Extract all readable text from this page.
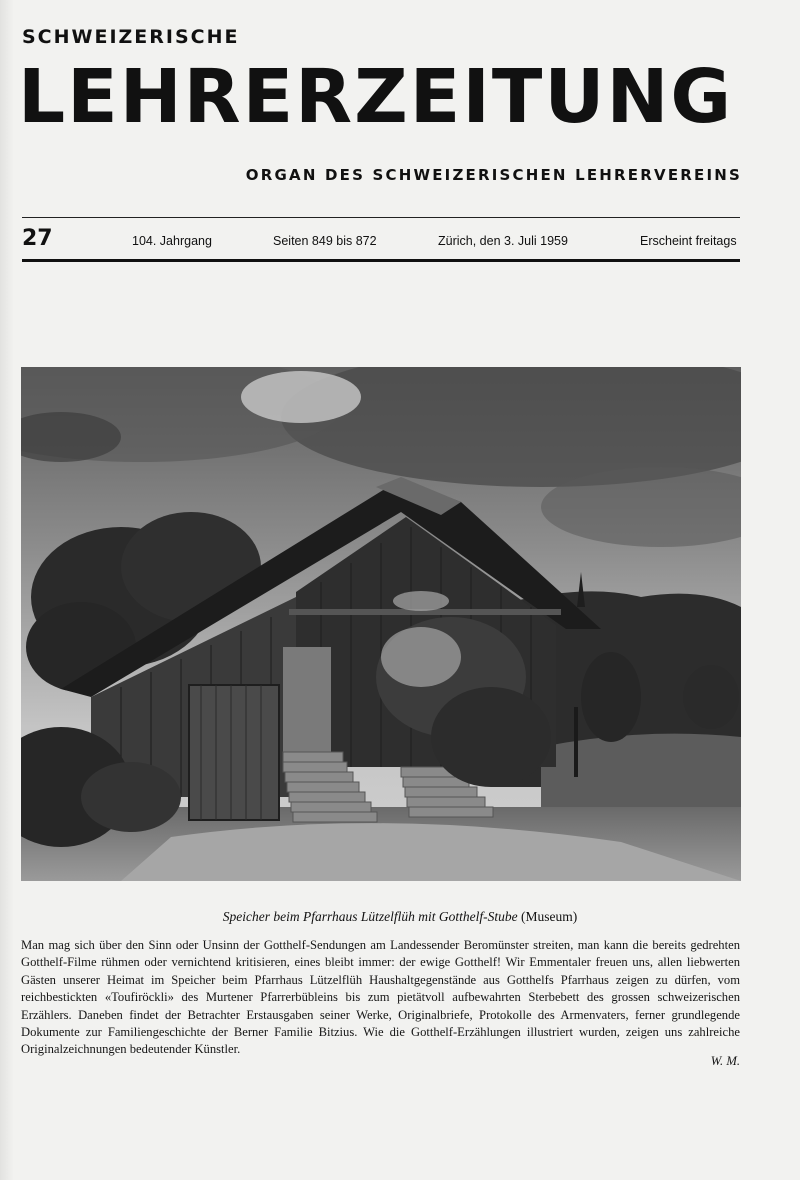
SCHWEIZERISCHE
LEHRERZEITUNG
ORGAN DES SCHWEIZERISCHEN LEHRERVEREINS
27	104. Jahrgang	Seiten 849 bis 872	Zürich, den 3. Juli 1959	Erscheint freitags
Speicher beim Pfarrhaus Lützelflüh mit Gotthelf-Stube (Museum)
Man mag sich über den Sinn oder Unsinn der Gotthelf-Sendungen am Landessender Beromünster streiten, man kann die bereits gedrehten Gotthelf-Filme rühmen oder vernichtend kritisieren, eines bleibt immer: der ewige Gotthelf! Wir Emmentaler freuen uns, allen liebwerten Gästen unserer Heimat im Speicher beim Pfarrhaus Lützelflüh Haushaltgegenstände aus Gotthelfs Pfarrhaus zeigen zu dürfen, vom reichbestickten «Toufiröckli» des Murtener Pfarrerbübleins bis zum pietätvoll aufbewahrten Sterbebett des grossen schweizerischen Erzählers. Daneben findet der Betrachter Erstausgaben seiner Werke, Originalbriefe, Protokolle des Armenvaters, ferner grundlegende Dokumente zur Familiengeschichte der Berner Familie Bitzius. Wie die Gotthelf-Erzählungen illustriert wurden, zeigen uns zahlreiche Originalzeichnungen bedeutender Künstler.
W. M.
